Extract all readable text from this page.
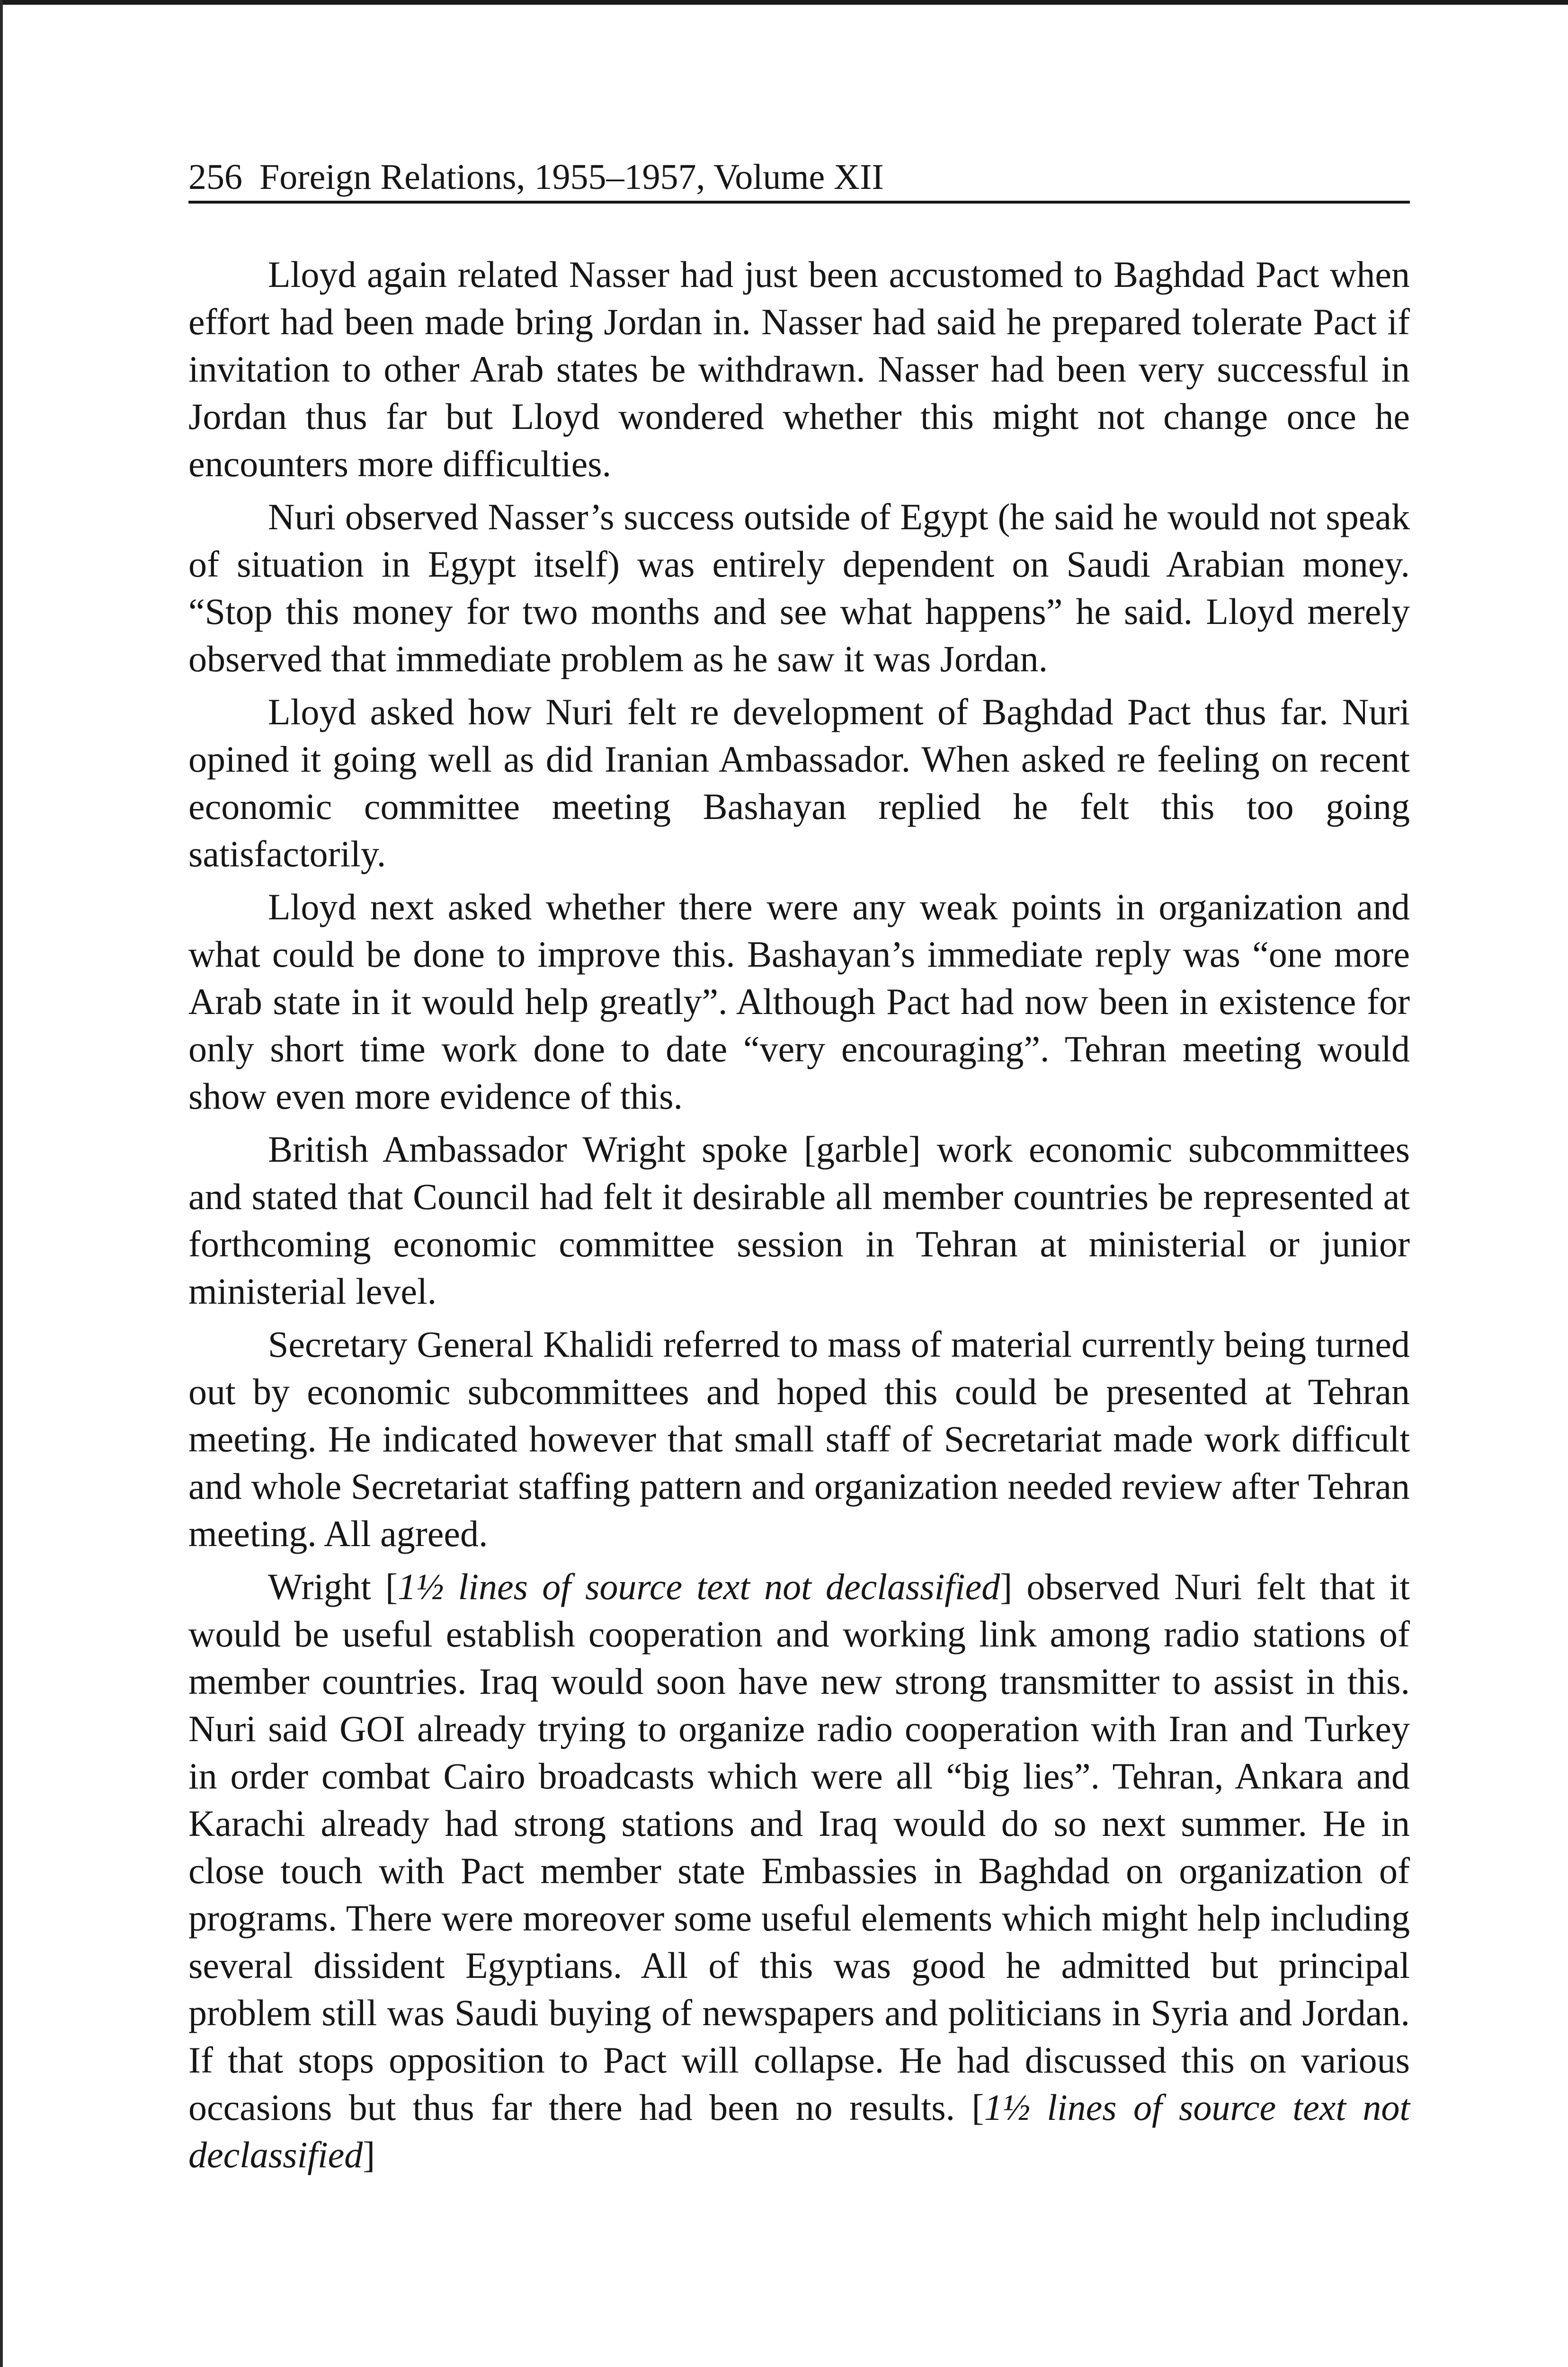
256 Foreign Relations, 1955–1957, Volume XII

Lloyd again related Nasser had just been accustomed to Baghdad Pact when effort had been made bring Jordan in. Nasser had said he prepared tolerate Pact if invitation to other Arab states be withdrawn. Nasser had been very successful in Jordan thus far but Lloyd wondered whether this might not change once he encounters more difficulties.

Nuri observed Nasser’s success outside of Egypt (he said he would not speak of situation in Egypt itself) was entirely dependent on Saudi Arabian money. “Stop this money for two months and see what happens” he said. Lloyd merely observed that immediate problem as he saw it was Jordan.

Lloyd asked how Nuri felt re development of Baghdad Pact thus far. Nuri opined it going well as did Iranian Ambassador. When asked re feeling on recent economic committee meeting Bashayan replied he felt this too going satisfactorily.

Lloyd next asked whether there were any weak points in organization and what could be done to improve this. Bashayan’s immediate reply was “one more Arab state in it would help greatly”. Although Pact had now been in existence for only short time work done to date “very encouraging”. Tehran meeting would show even more evidence of this.

British Ambassador Wright spoke [garble] work economic subcommittees and stated that Council had felt it desirable all member countries be represented at forthcoming economic committee session in Tehran at ministerial or junior ministerial level.

Secretary General Khalidi referred to mass of material currently being turned out by economic subcommittees and hoped this could be presented at Tehran meeting. He indicated however that small staff of Secretariat made work difficult and whole Secretariat staffing pattern and organization needed review after Tehran meeting. All agreed.

Wright [1½ lines of source text not declassified] observed Nuri felt that it would be useful establish cooperation and working link among radio stations of member countries. Iraq would soon have new strong transmitter to assist in this. Nuri said GOI already trying to organize radio cooperation with Iran and Turkey in order combat Cairo broadcasts which were all “big lies”. Tehran, Ankara and Karachi already had strong stations and Iraq would do so next summer. He in close touch with Pact member state Embassies in Baghdad on organization of programs. There were moreover some useful elements which might help including several dissident Egyptians. All of this was good he admitted but principal problem still was Saudi buying of newspapers and politicians in Syria and Jordan. If that stops opposition to Pact will collapse. He had discussed this on various occasions but thus far there had been no results. [1½ lines of source text not declassified]
